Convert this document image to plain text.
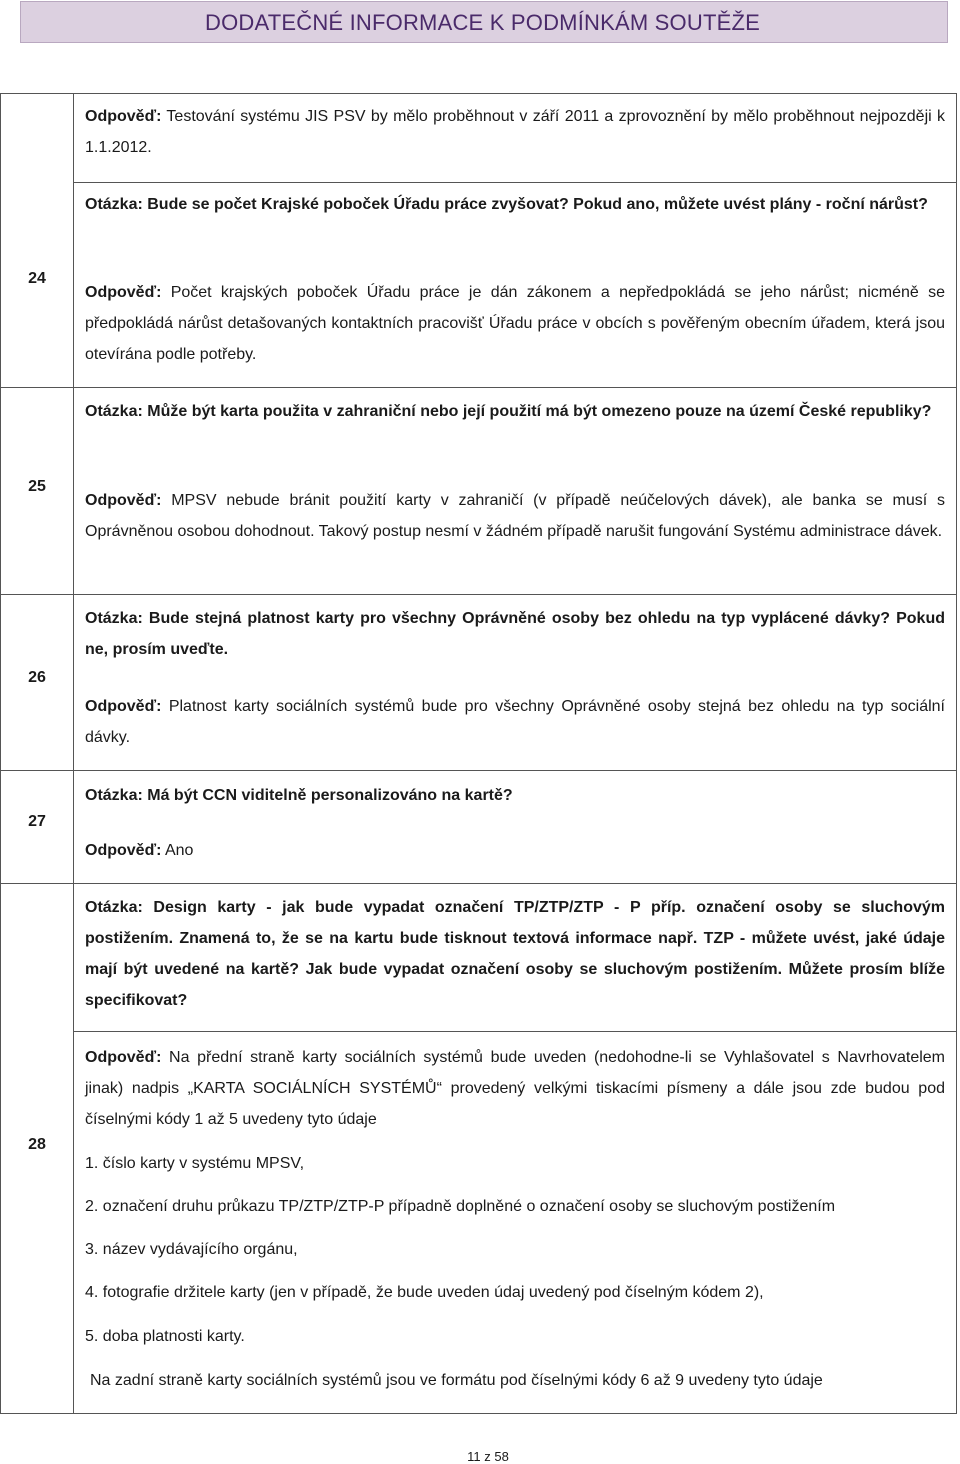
DODATEČNÉ INFORMACE K PODMÍNKÁM SOUTĚŽE
Odpověď: Testování systému JIS PSV by mělo proběhnout v září 2011 a zprovoznění by mělo proběhnout nejpozději k 1.1.2012.
24
Otázka: Bude se počet Krajské poboček Úřadu práce zvyšovat? Pokud ano, můžete uvést plány - roční nárůst?
Odpověď: Počet krajských poboček Úřadu práce je dán zákonem a nepředpokládá se jeho nárůst; nicméně se předpokládá nárůst detašovaných kontaktních pracovišť Úřadu práce v obcích s pověřeným obecním úřadem, která jsou otevírána podle potřeby.
25
Otázka: Může být karta použita v zahraniční nebo její použití má být omezeno pouze na území České republiky?
Odpověď: MPSV nebude bránit použití karty v zahraničí (v případě neúčelových dávek), ale banka se musí s Oprávněnou osobou dohodnout. Takový postup nesmí v žádném případě narušit fungování Systému administrace dávek.
26
Otázka: Bude stejná platnost karty pro všechny Oprávněné osoby bez ohledu na typ vyplácené dávky? Pokud ne, prosím uveďte.
Odpověď: Platnost karty sociálních systémů bude pro všechny Oprávněné osoby stejná bez ohledu na typ sociální dávky.
27
Otázka: Má být CCN viditelně personalizováno na kartě?
Odpověď: Ano
28
Otázka: Design karty - jak bude vypadat označení TP/ZTP/ZTP - P příp. označení osoby se sluchovým postižením. Znamená to, že se na kartu bude tisknout textová informace např. TZP - můžete uvést, jaké údaje mají být uvedené na kartě? Jak bude vypadat označení osoby se sluchovým postižením. Můžete prosím blíže specifikovat?
Odpověď: Na přední straně karty sociálních systémů bude uveden (nedohodne-li se Vyhlašovatel s Navrhovatelem jinak) nadpis „KARTA SOCIÁLNÍCH SYSTÉMŮ“ provedený velkými tiskacími písmeny a dále jsou zde budou pod číselnými kódy 1 až 5 uvedeny tyto údaje
1. číslo karty v systému MPSV,
2. označení druhu průkazu TP/ZTP/ZTP-P případně doplněné o označení osoby se sluchovým postižením
3. název vydávajícího orgánu,
4. fotografie držitele karty (jen v případě, že bude uveden údaj uvedený pod číselným kódem 2),
5. doba platnosti karty.
Na zadní straně karty sociálních systémů jsou ve formátu pod číselnými kódy 6 až 9 uvedeny tyto údaje
11 z 58
